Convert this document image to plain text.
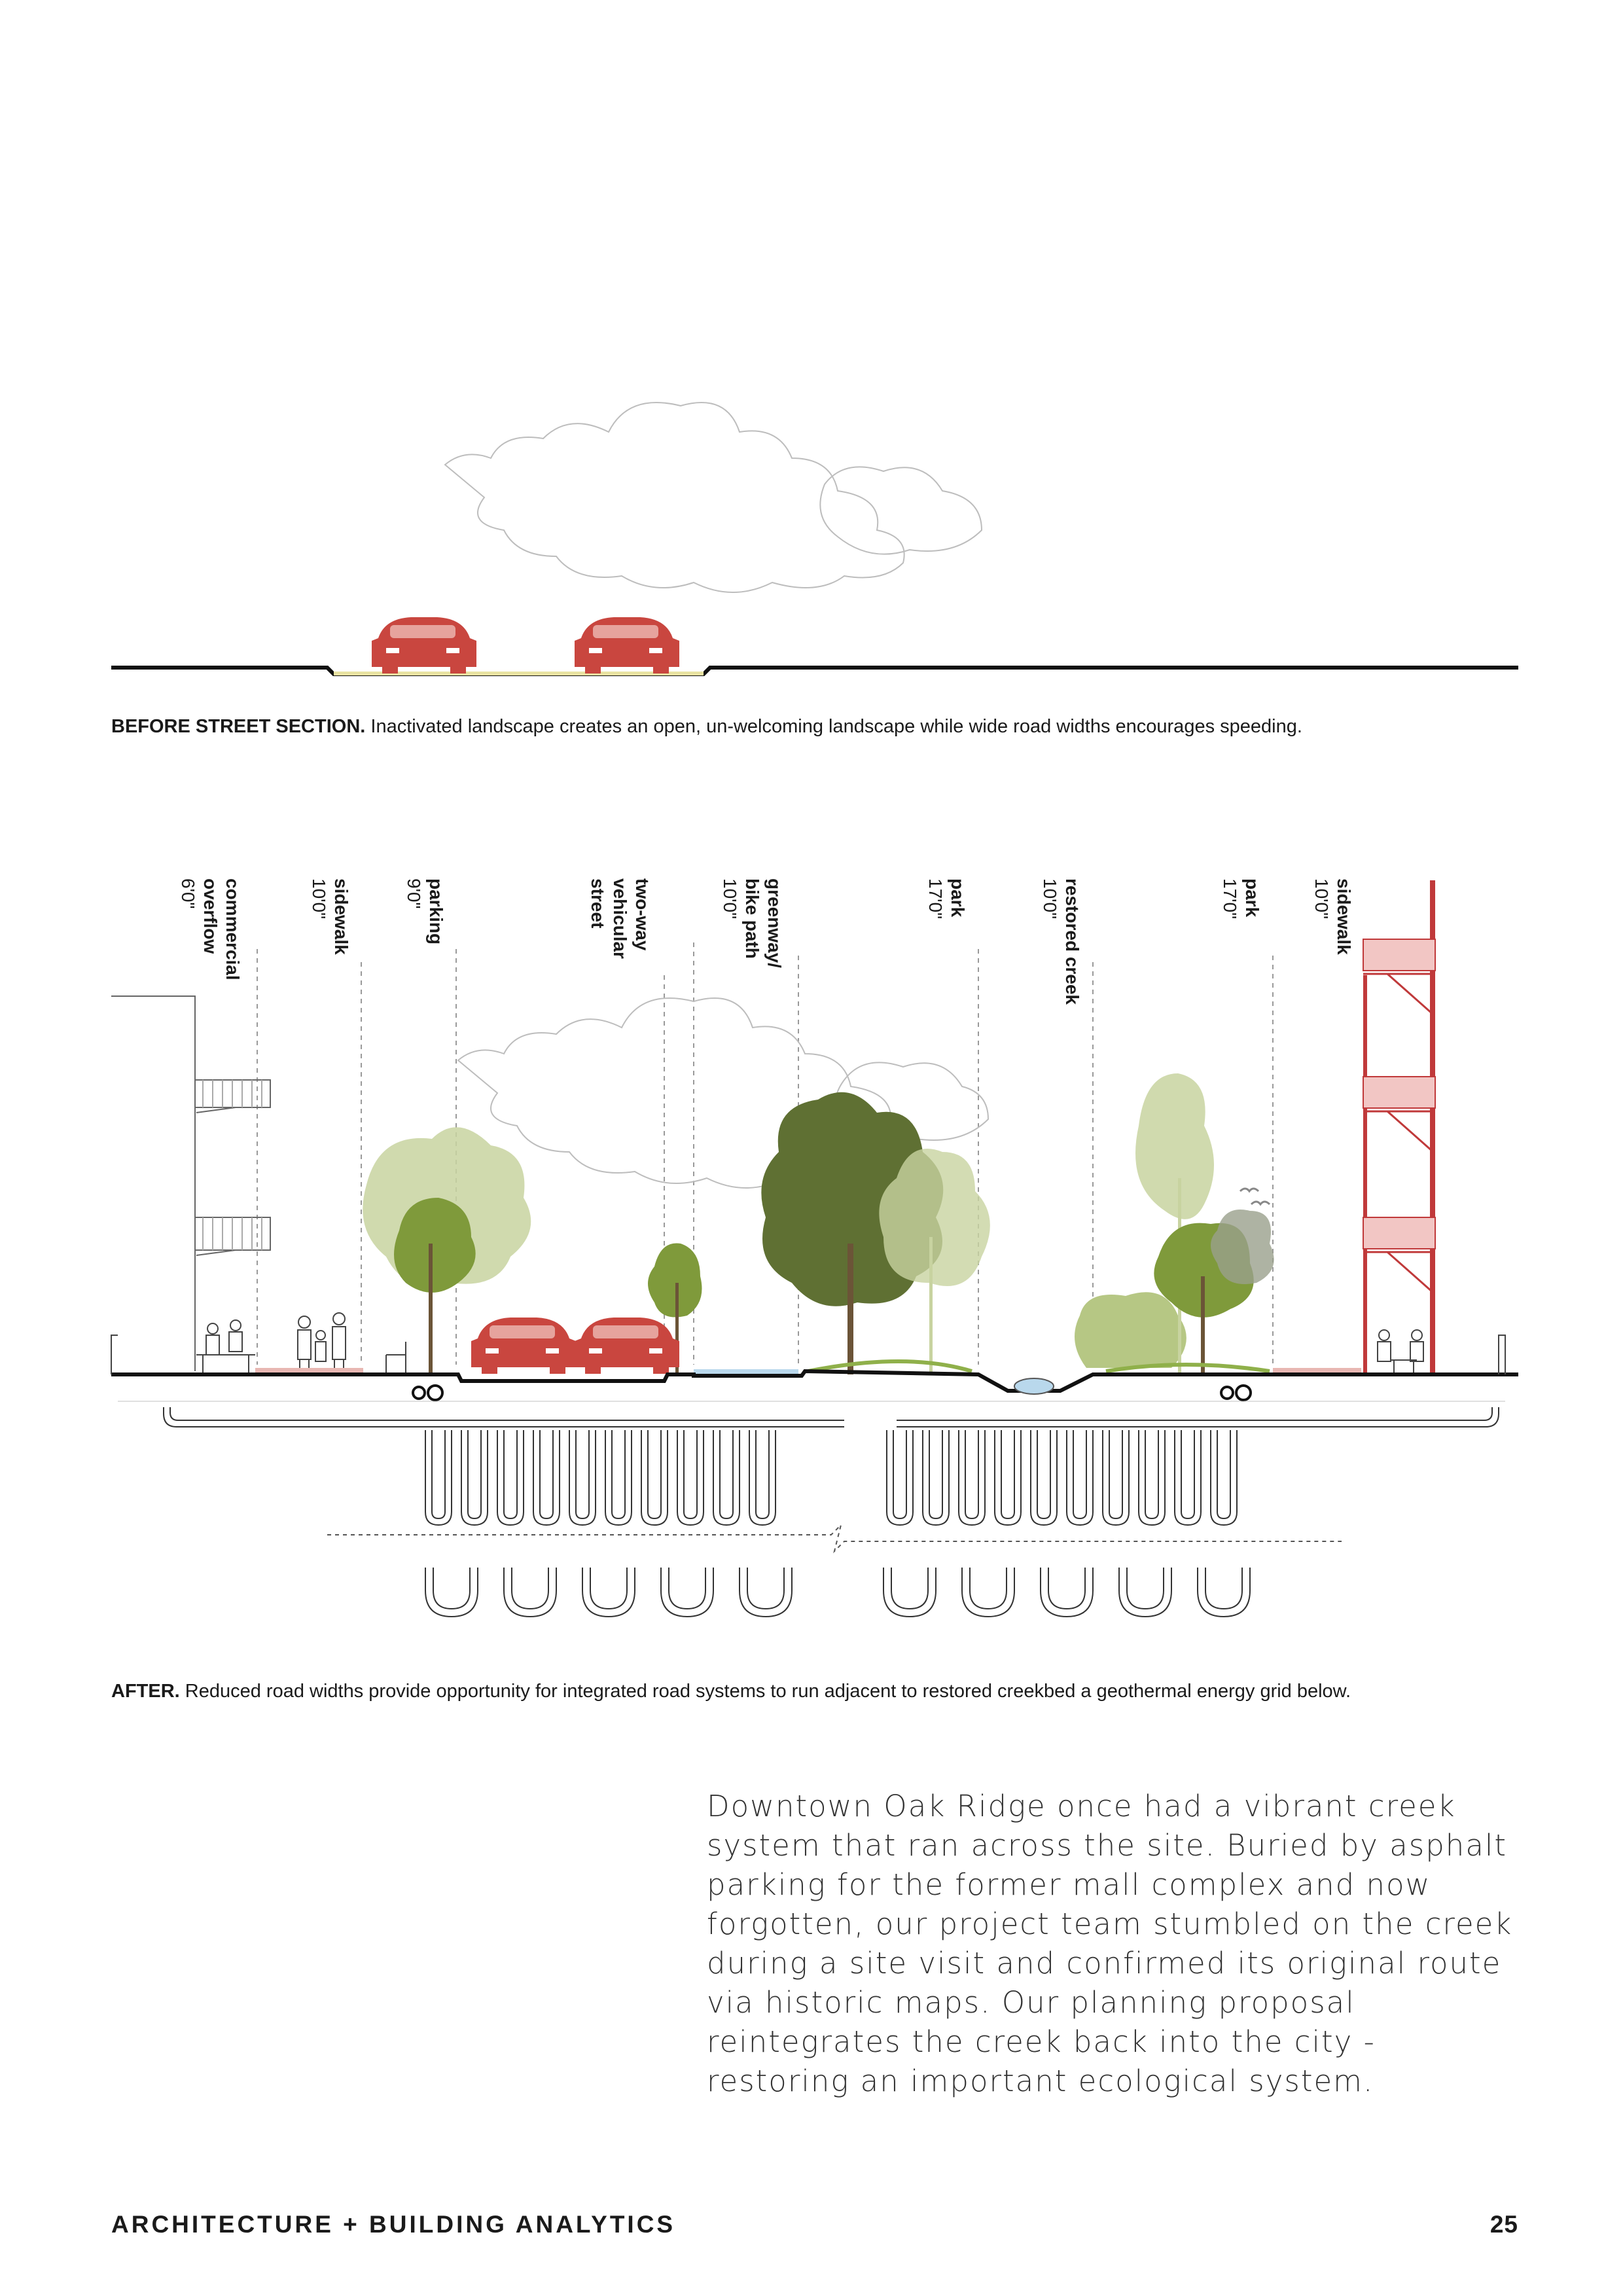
BEFORE STREET SECTION. Inactivated landscape creates an open, un-welcoming landscape while wide road widths encourages speeding.
commercial
overflow
6'0"	sidewalk
10'0"	parking
9'0"	two-way
vehicular
street	greenway/
bike path
10'0"	park
17'0"	restored creek
10'0"	park
17'0"	sidewalk
10'0"
AFTER. Reduced road widths provide opportunity for integrated road systems to run adjacent to restored creekbed a geothermal energy grid below.
Downtown Oak Ridge once had a vibrant creek system that ran across the site. Buried by asphalt parking for the former mall complex and now forgotten, our project team stumbled on the creek during a site visit and confirmed its original route via historic maps. Our planning proposal reintegrates the creek back into the city - restoring an important ecological system.
ARCHITECTURE + BUILDING ANALYTICS	25
